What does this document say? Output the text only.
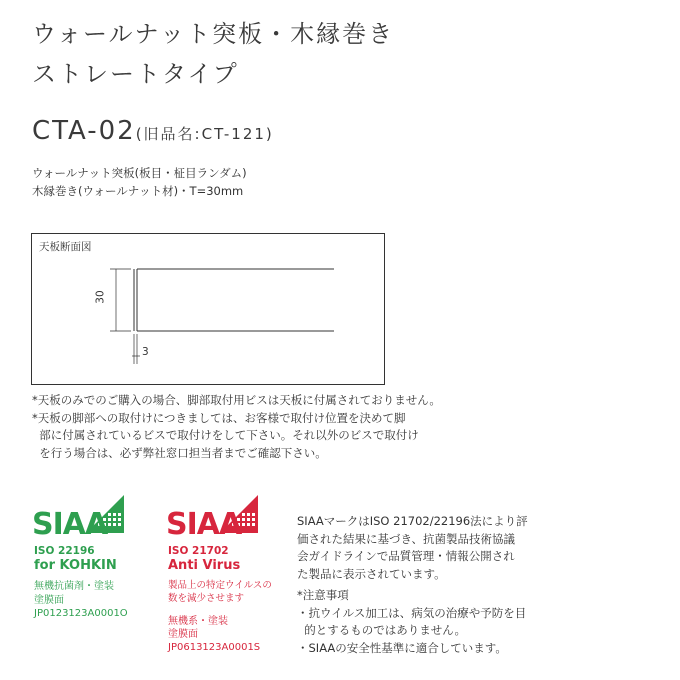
ウォールナット突板・木縁巻き
ストレートタイプ
CTA-02(旧品名:CT-121)
ウォールナット突板(板目・柾目ランダム)
木縁巻き(ウォールナット材)・T=30mm
天板断面図
30
3
*天板のみでのご購入の場合、脚部取付用ビスは天板に付属されておりません。
*天板の脚部への取付けにつきましては、お客様で取付け位置を決めて脚
部に付属されているビスで取付けをして下さい。それ以外のビスで取付け
を行う場合は、必ず弊社窓口担当者までご確認下さい。
SIAA
ISO 22196
for KOHKIN
無機抗菌剤・塗装
塗膜面
JP0123123A0001O
SIAA
ISO 21702
Anti Virus
製品上の特定ウイルスの
数を減少させます
無機系・塗装
塗膜面
JP0613123A0001S
SIAAマークはISO 21702/22196法により評
価された結果に基づき、抗菌製品技術協議
会ガイドラインで品質管理・情報公開され
た製品に表示されています。
*注意事項
・抗ウイルス加工は、病気の治療や予防を目
的とするものではありません。
・SIAAの安全性基準に適合しています。
